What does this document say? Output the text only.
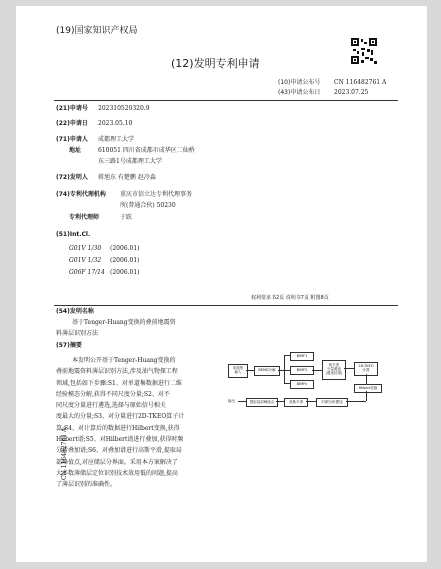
(19)国家知识产权局
(12)发明专利申请
(10)申请公布号 CN 116482761 A
(43)申请公布日 2023.07.25
(21)申请号 202310520320.9
(22)申请日 2023.05.10
(71)申请人 成都理工大学
地址	610051 四川省成都市成华区二仙桥
东三路1号成都理工大学
(72)发明人 蒋旭东 有楚鹏 赵冷淼
(74)专利代理机构 重庆市信立达专利代理事务
所(普通合伙) 50230
专利代理师	于跃
(51)Int.Cl.
G01V 1/30 (2006.01)
G01V 1/32 (2006.01)
G06F 17/14 (2006.01)
权利要求书2页 说明书7页 附图8页
(54)发明名称
基于Tenger-Huang变换的叠前地震资
料薄层识别方法
(57)摘要
本发明公开基于Tenger-Huang变换的
叠前地震资料薄层识别方法,涉及油气物探工程
领域,包括如下步骤:S1、对单道集数据进行二维
经验模态分解,获得不同尺度分量;S2、对不
同尺度分量进行遴选,选择与原始信号相关
度最大的分量;S3、对分量进行2D-TKEO算子计
算;S4、对计算后的数据进行Hilbert变换,获得
Hilbert谱;S5、对Hilbert谱进行叠加,获得时频
分析叠加谱;S6、对叠加谱进行高斯平滑,提取局
部峰值点,对应储层分界面。采用本方案解决了
大多数薄储层定位识别技术效用低的问题,提高
了薄层识别的准确性。
单道集
输入	BEMD分解
BIMF1
BIMF2
BIMFn
相关度
分量遴选
(遴选结果)
2D-TKEO
计算
Hilbert变换
时频分析叠加
高斯平滑
提取局部峰值点
输出
CN 116482761 A
